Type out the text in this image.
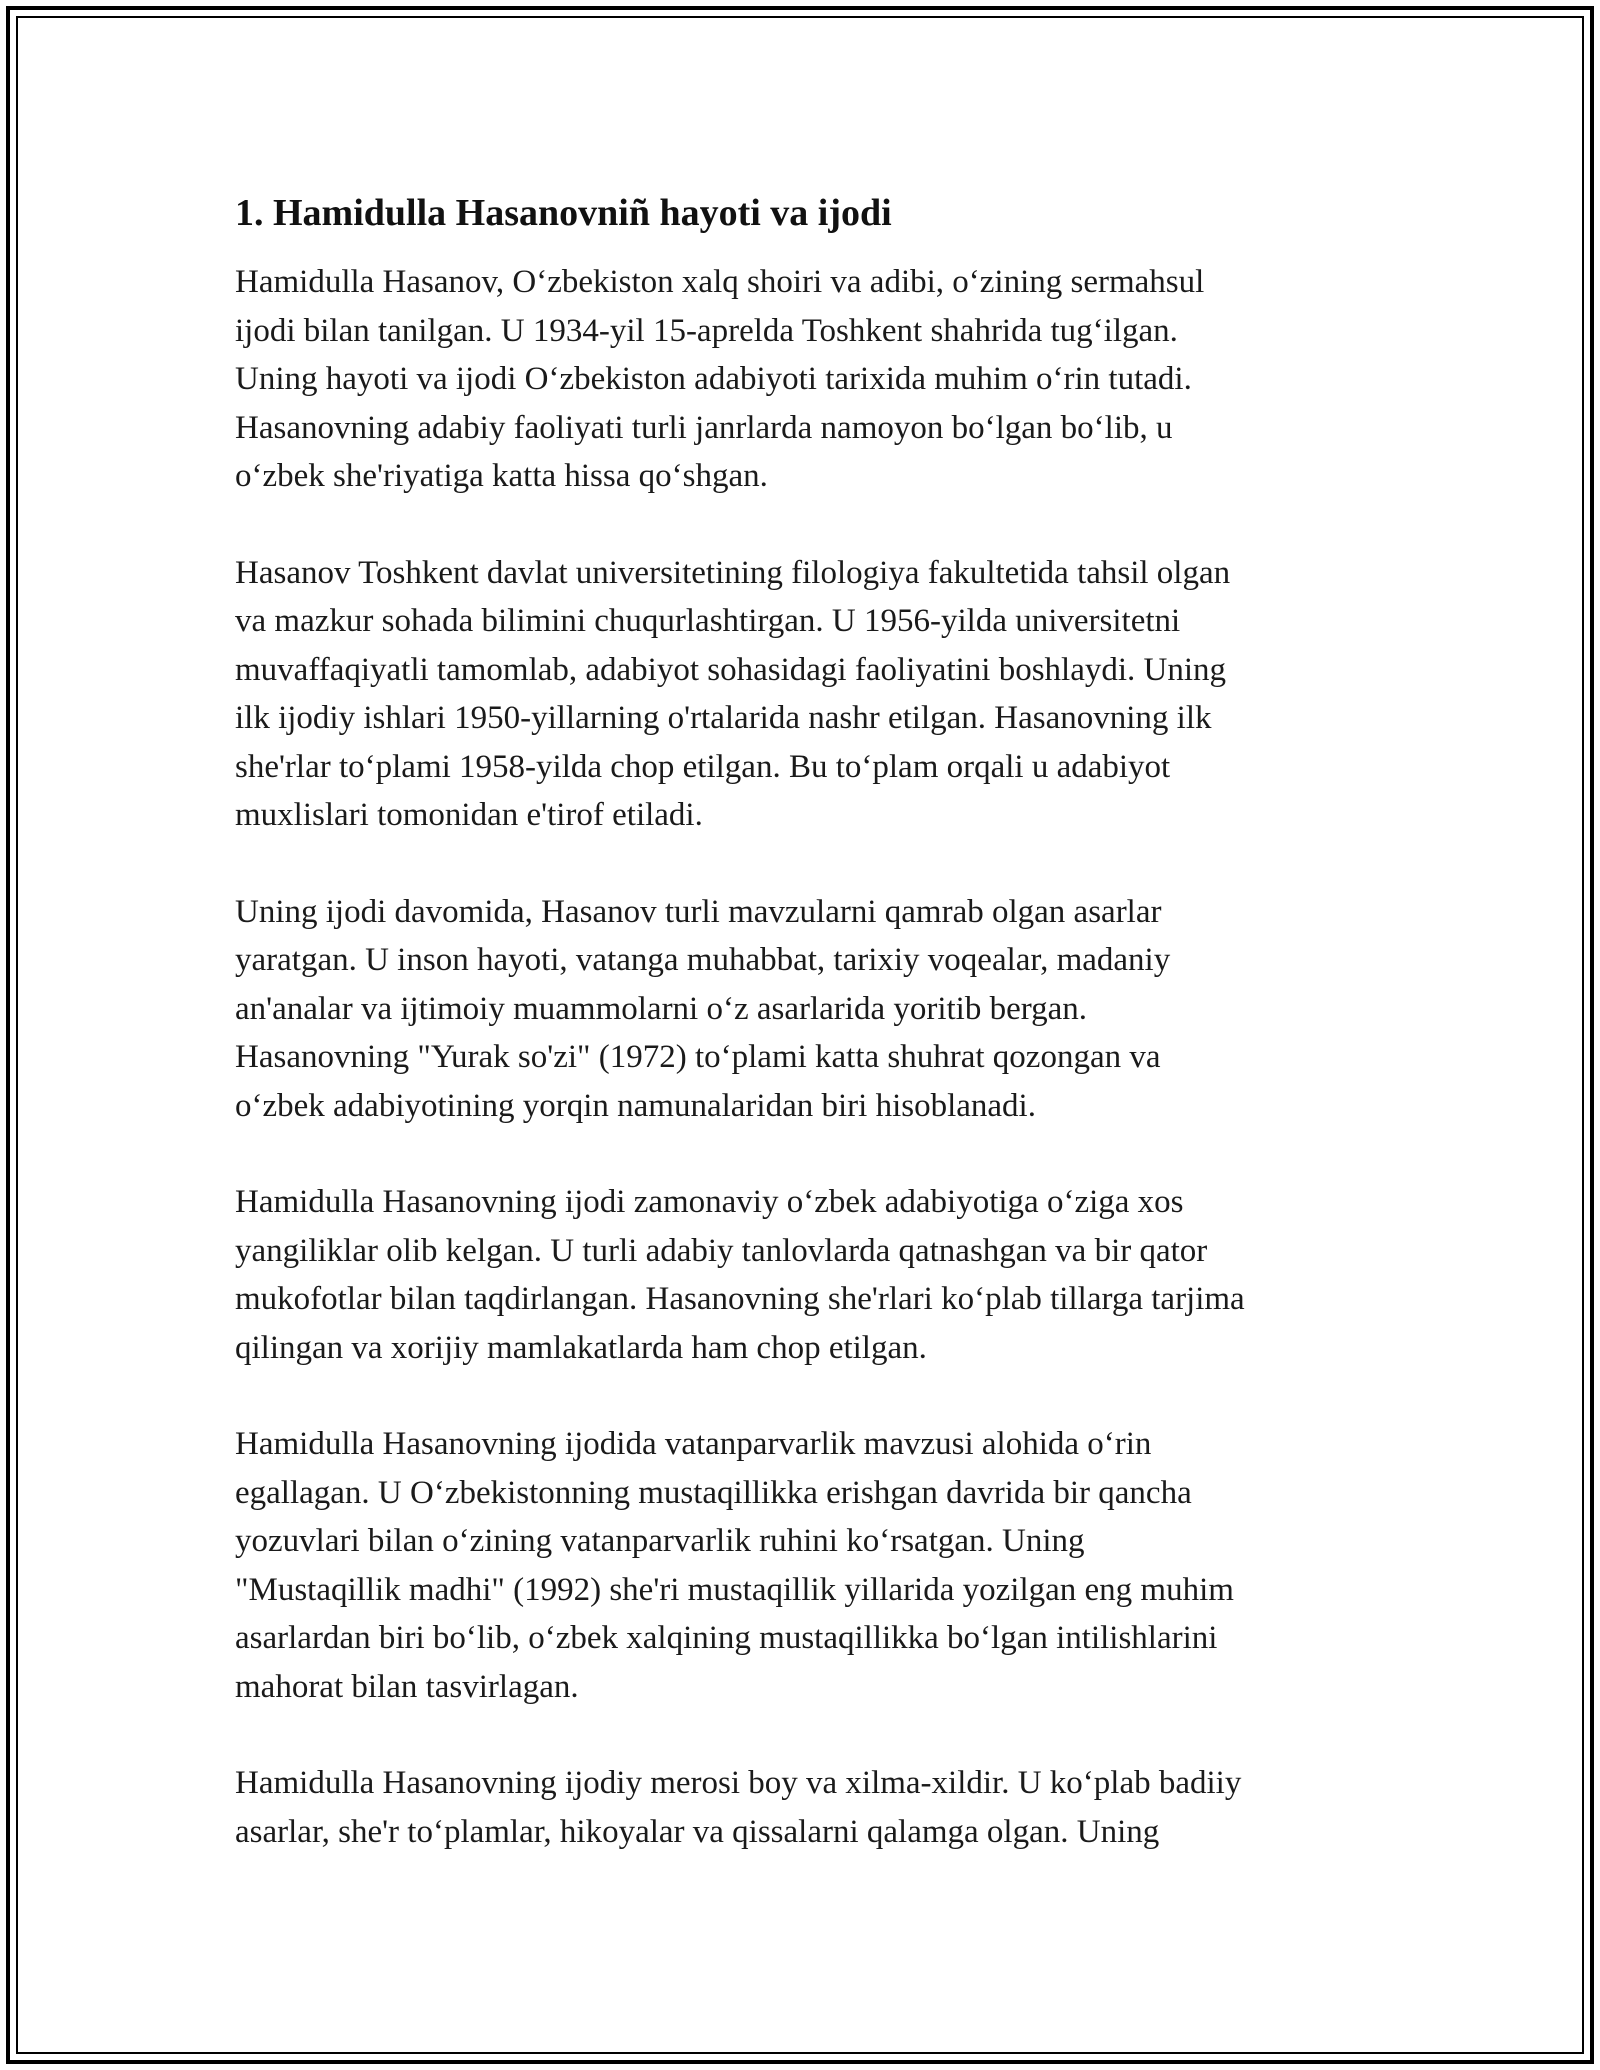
1. Hamidulla Hasanovniñ hayoti va ijodi

Hamidulla Hasanov, O‘zbekiston xalq shoiri va adibi, o‘zining sermahsul
ijodi bilan tanilgan. U 1934-yil 15-aprelda Toshkent shahrida tug‘ilgan.
Uning hayoti va ijodi O‘zbekiston adabiyoti tarixida muhim o‘rin tutadi.
Hasanovning adabiy faoliyati turli janrlarda namoyon bo‘lgan bo‘lib, u
o‘zbek she'riyatiga katta hissa qo‘shgan.

Hasanov Toshkent davlat universitetining filologiya fakultetida tahsil olgan
va mazkur sohada bilimini chuqurlashtirgan. U 1956-yilda universitetni
muvaffaqiyatli tamomlab, adabiyot sohasidagi faoliyatini boshlaydi. Uning
ilk ijodiy ishlari 1950-yillarning o'rtalarida nashr etilgan. Hasanovning ilk
she'rlar to‘plami 1958-yilda chop etilgan. Bu to‘plam orqali u adabiyot
muxlislari tomonidan e'tirof etiladi.

Uning ijodi davomida, Hasanov turli mavzularni qamrab olgan asarlar
yaratgan. U inson hayoti, vatanga muhabbat, tarixiy voqealar, madaniy
an'analar va ijtimoiy muammolarni o‘z asarlarida yoritib bergan.
Hasanovning "Yurak so'zi" (1972) to‘plami katta shuhrat qozongan va
o‘zbek adabiyotining yorqin namunalaridan biri hisoblanadi.

Hamidulla Hasanovning ijodi zamonaviy o‘zbek adabiyotiga o‘ziga xos
yangiliklar olib kelgan. U turli adabiy tanlovlarda qatnashgan va bir qator
mukofotlar bilan taqdirlangan. Hasanovning she'rlari ko‘plab tillarga tarjima
qilingan va xorijiy mamlakatlarda ham chop etilgan.

Hamidulla Hasanovning ijodida vatanparvarlik mavzusi alohida o‘rin
egallagan. U O‘zbekistonning mustaqillikka erishgan davrida bir qancha
yozuvlari bilan o‘zining vatanparvarlik ruhini ko‘rsatgan. Uning
"Mustaqillik madhi" (1992) she'ri mustaqillik yillarida yozilgan eng muhim
asarlardan biri bo‘lib, o‘zbek xalqining mustaqillikka bo‘lgan intilishlarini
mahorat bilan tasvirlagan.

Hamidulla Hasanovning ijodiy merosi boy va xilma-xildir. U ko‘plab badiiy
asarlar, she'r to‘plamlar, hikoyalar va qissalarni qalamga olgan. Uning
